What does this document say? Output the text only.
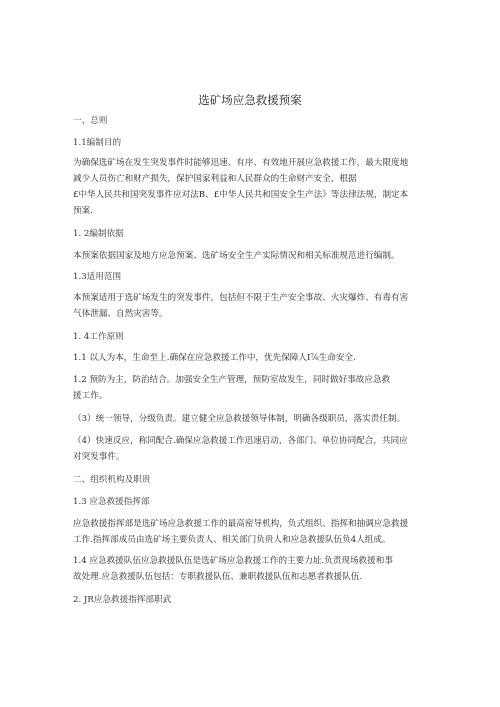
选矿场应急救援预案
一、总则
1.1编制目的
为确保选矿场在发生突发事件时能够迅速、有序、有效地开展应急救援工作，最大限度地
减少人员伤亡和财产损失，保护国家利益和人民群众的生命财产安全，根据
£中华人民共和国突发事件应对法B、£中华人民共和国安全生产法》等法律法规，制定本
预案.
1. 2编制依据
本预案依据国家及地方应急预案、选矿场安全生产实际情况和相关标准规范进行编制。
1.3适用范围
本预案适用于选矿场发生的突发事件，包括但不限于生产安全事故、火灾爆炸、有毒有害
气体泄漏、自然灾害等。
1. 4工作原则
1.1 以人为本，生命至上.确保在应急救援工作中，优先保障人I⅞生命安全.
1.2 预防为主，防治结合。加强安全生产管理，预防室故发生，同时做好事故应急救
援工作。
（3）统一领导，分级负责。建立健全应急救援领导体制，明确各级职员，落实责任制。
（4）快速反应，称同配合.确保应急救援工作迅速启动，各部门、单位协同配合，共同应
对突发事件。
二、组织机构及职贵
1.3 应急救援指挥部
应急救援指挥部是选矿场应急救援工作的最高密导机构，负式组织、指挥和抽调应急救援
工作.指挥部成员由选矿场主要负责人、相关部门负贵人和应急救援队伍负4人组成。
1.4 应急救援队伍应急救援队伍是选矿场应急救援工作的主要力址.负责现场救援和事
故处理.应急救援队伍包括：专职救援队伍、兼职救援队伍和志愿者救援队伍.
2. JR应急救援指挥部职武
